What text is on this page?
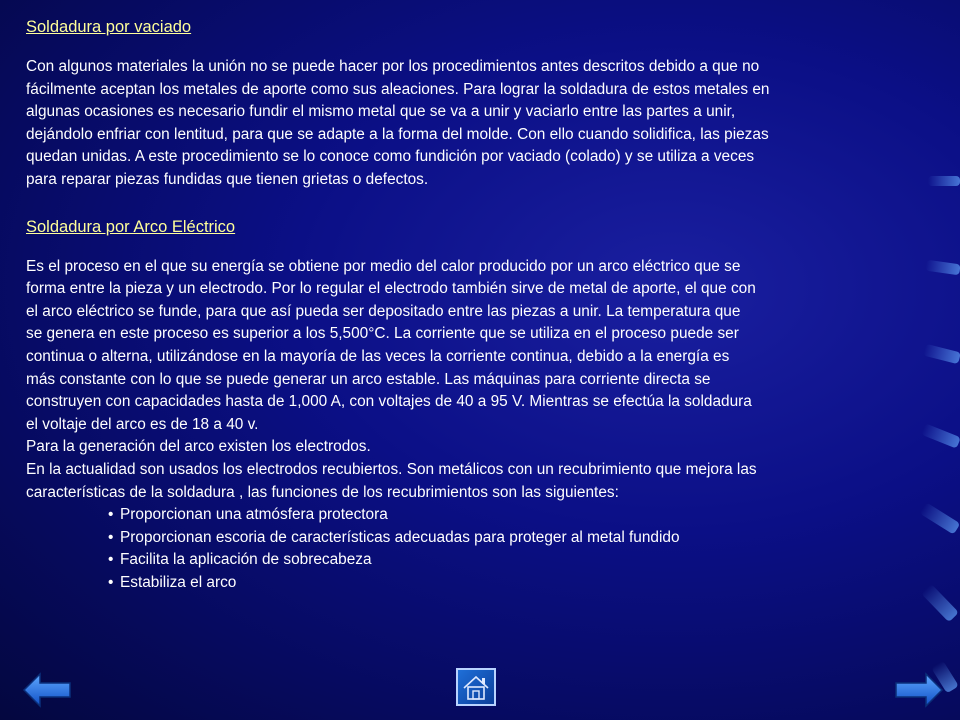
Soldadura por vaciado
Con algunos materiales la unión no se puede hacer por los procedimientos antes descritos debido a que no
fácilmente aceptan los metales de aporte como sus aleaciones. Para lograr la soldadura de estos metales en
algunas ocasiones es necesario fundir el mismo metal que se va a unir y vaciarlo entre las partes a unir,
dejándolo enfriar con lentitud, para que se adapte a la forma del molde. Con ello cuando solidifica, las piezas
quedan unidas. A este procedimiento se lo conoce como fundición por vaciado (colado) y se utiliza a veces
para reparar piezas fundidas que tienen grietas o defectos.
Soldadura por Arco Eléctrico
Es el proceso en el que su energía se obtiene por medio del calor producido por un arco eléctrico que se
forma entre la pieza y un electrodo. Por lo regular el electrodo también sirve de metal de aporte, el que con
el arco eléctrico se funde, para que así pueda ser depositado entre las piezas a unir. La temperatura que
se genera en este proceso es superior a los 5,500°C. La corriente que se utiliza en el proceso puede ser
continua o alterna, utilizándose en la mayoría de las veces la corriente continua, debido a la energía es
más constante con lo que se puede generar un arco estable. Las máquinas para corriente directa se
construyen con capacidades hasta de 1,000 A, con voltajes de 40 a 95 V. Mientras se efectúa la soldadura
el voltaje del arco es de 18 a 40 v.
Para la generación del arco existen los electrodos.
En la actualidad son usados los electrodos recubiertos. Son metálicos con un recubrimiento que mejora las
características de la soldadura , las funciones de los recubrimientos son las siguientes:
• Proporcionan una atmósfera protectora
• Proporcionan escoria de características adecuadas para proteger al metal fundido
• Facilita la aplicación de sobrecabeza
• Estabiliza el arco
